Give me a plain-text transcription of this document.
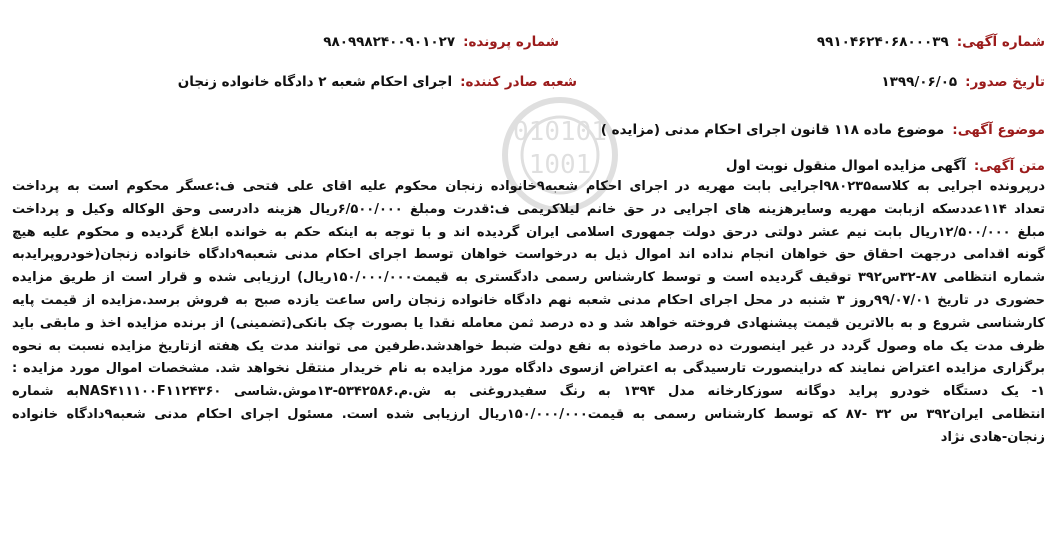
010101
1001
شماره آگهی:
۹۹۱۰۴۶۲۴۰۶۸۰۰۰۳۹
شماره پرونده:
۹۸۰۹۹۸۲۴۰۰۹۰۱۰۲۷
تاریخ صدور:
۱۳۹۹/۰۶/۰۵
شعبه صادر کننده:
اجرای احکام شعبه ۲ دادگاه خانواده زنجان
موضوع آگهی:
موضوع ماده ۱۱۸ قانون اجرای احکام مدنی (مزایده )
متن آگهی:
آگهی مزایده اموال منقول نوبت اول
درپرونده اجرایی به کلاسه۹۸۰۲۳۵اجرایی بابت مهریه در اجرای احکام شعبه۹خانواده زنجان محکوم علیه اقای علی فتحی ف:عسگر محکوم است به پرداخت
تعداد ۱۱۴عددسکه ازبابت مهریه وسایرهزینه های اجرایی در حق خانم لیلاکریمی ف:قدرت ومبلغ ۶/۵۰۰/۰۰۰ریال هزینه دادرسی وحق الوکاله وکیل و پرداخت
مبلغ ۱۲/۵۰۰/۰۰۰ریال بابت نیم عشر دولتی درحق دولت جمهوری اسلامی ایران گردیده اند و با توجه به اینکه حکم به خوانده ابلاغ گردیده و محکوم علیه هیچ
گونه اقدامی درجهت احقاق حق خواهان انجام نداده اند اموال ذیل به درخواست خواهان توسط اجرای احکام مدنی شعبه۹دادگاه خانواده زنجان(خودروپرایدبه
شماره انتظامی ۸۷-۳۲س۳۹۲ توقیف گردیده است و توسط کارشناس رسمی دادگستری به قیمت۱۵۰/۰۰۰/۰۰۰ریال) ارزیابی شده و قرار است از طریق مزایده
حضوری در تاریخ ۹۹/۰۷/۰۱روز ۳ شنبه در محل اجرای احکام مدنی شعبه نهم دادگاه خانواده زنجان راس ساعت یازده صبح به فروش برسد.مزایده از قیمت پایه
کارشناسی شروع و به بالاترین قیمت پیشنهادی فروخته خواهد شد و ده درصد ثمن معامله نقدا یا بصورت چک بانکی(تضمینی) از برنده مزایده اخذ و مابقی باید
ظرف مدت یک ماه وصول گردد در غیر اینصورت ده درصد ماخوذه به نفع دولت ضبط خواهدشد.طرفین می توانند مدت یک هفته ازتاریخ مزایده نسبت به نحوه
برگزاری مزایده اعتراض نمایند که دراینصورت تارسیدگی به اعتراض ازسوی دادگاه مورد مزایده به نام خریدار منتقل نخواهد شد. مشخصات اموال مورد مزایده :
۱- یک دستگاه خودرو پراید دوگانه سوزکارخانه مدل ۱۳۹۴ به رنگ سفیدروغنی به ش.م.۵۳۴۲۵۸۶-۱۳موش.شاسی NAS۴۱۱۱۰۰F۱۱۲۴۳۶۰به شماره
انتظامی ایران۳۹۲ س ۳۲ -۸۷ که توسط کارشناس رسمی به قیمت۱۵۰/۰۰۰/۰۰۰ریال ارزیابی شده است. مسئول اجرای احکام مدنی شعبه۹دادگاه خانواده
زنجان-هادی نژاد
